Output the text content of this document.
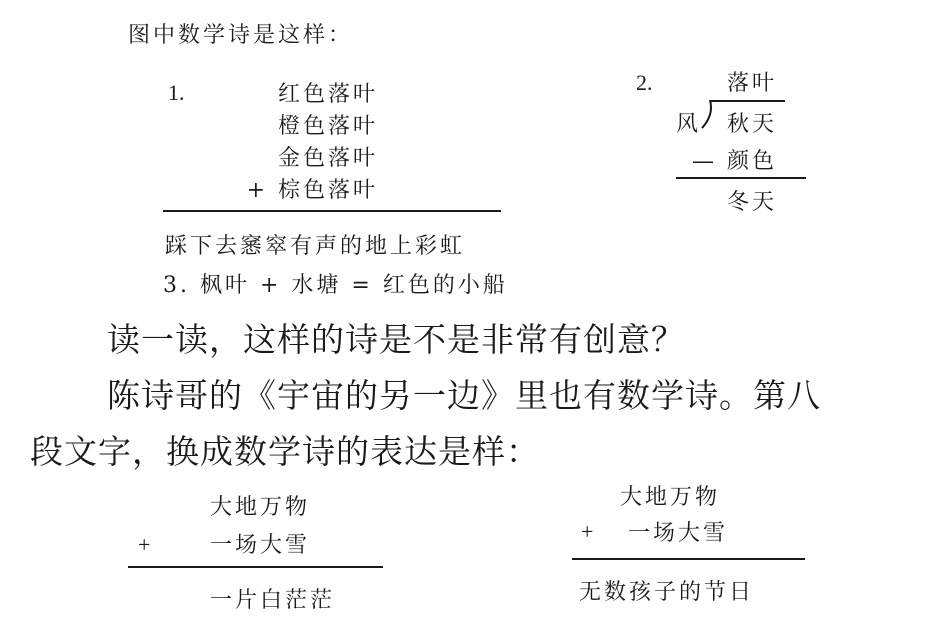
图中数学诗是这样：
1.	红色落叶
橙色落叶
金色落叶
+ 棕色落叶
踩下去窸窣有声的地上彩虹
3. 枫叶 + 水塘 = 红色的小船
2.	落叶
风 秋天
— 颜色
冬天
读一读，这样的诗是不是非常有创意？
陈诗哥的《宇宙的另一边》里也有数学诗。第八
段文字，换成数学诗的表达是样：
大地万物
+	一场大雪
一片白茫茫
大地万物
+ 一场大雪
无数孩子的节日
